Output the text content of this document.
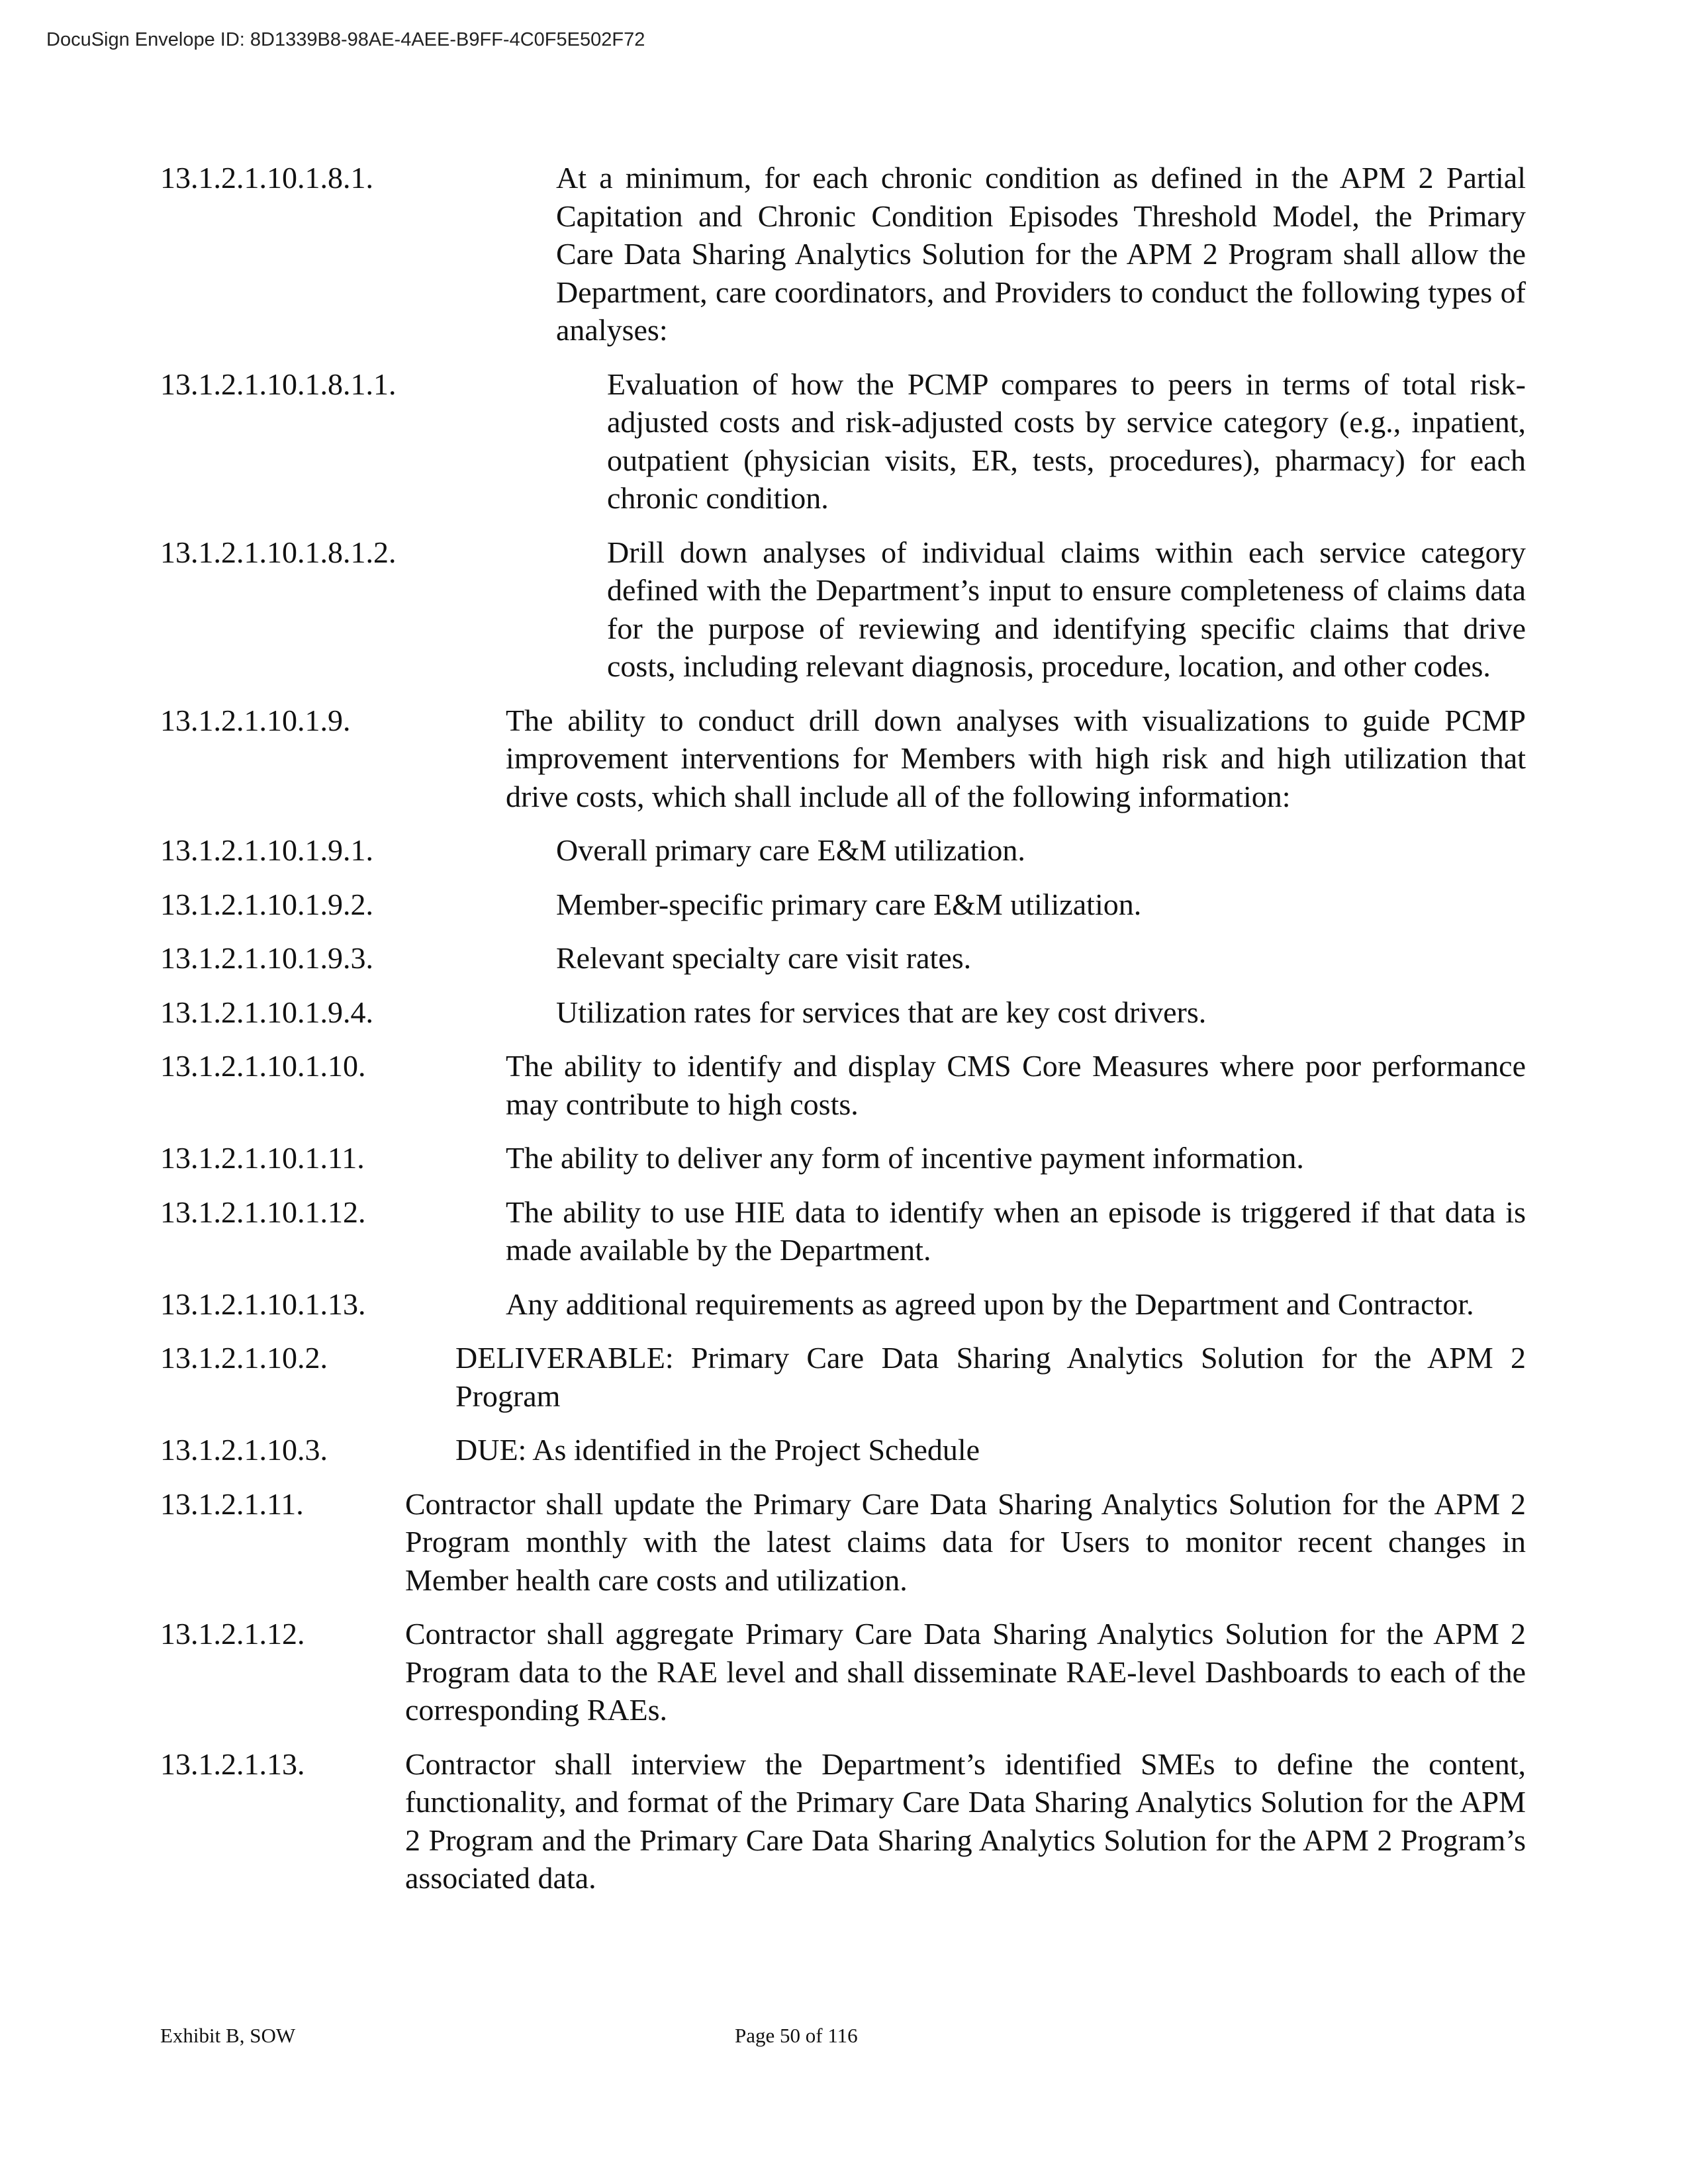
DocuSign Envelope ID: 8D1339B8-98AE-4AEE-B9FF-4C0F5E502F72
13.1.2.1.10.1.8.1.	At a minimum, for each chronic condition as defined in the APM 2 Partial Capitation and Chronic Condition Episodes Threshold Model, the Primary Care Data Sharing Analytics Solution for the APM 2 Program shall allow the Department, care coordinators, and Providers to conduct the following types of analyses:
13.1.2.1.10.1.8.1.1.	Evaluation of how the PCMP compares to peers in terms of total risk-adjusted costs and risk-adjusted costs by service category (e.g., inpatient, outpatient (physician visits, ER, tests, procedures), pharmacy) for each chronic condition.
13.1.2.1.10.1.8.1.2.	Drill down analyses of individual claims within each service category defined with the Department’s input to ensure completeness of claims data for the purpose of reviewing and identifying specific claims that drive costs, including relevant diagnosis, procedure, location, and other codes.
13.1.2.1.10.1.9.	The ability to conduct drill down analyses with visualizations to guide PCMP improvement interventions for Members with high risk and high utilization that drive costs, which shall include all of the following information:
13.1.2.1.10.1.9.1.	Overall primary care E&M utilization.
13.1.2.1.10.1.9.2.	Member-specific primary care E&M utilization.
13.1.2.1.10.1.9.3.	Relevant specialty care visit rates.
13.1.2.1.10.1.9.4.	Utilization rates for services that are key cost drivers.
13.1.2.1.10.1.10.	The ability to identify and display CMS Core Measures where poor performance may contribute to high costs.
13.1.2.1.10.1.11.	The ability to deliver any form of incentive payment information.
13.1.2.1.10.1.12.	The ability to use HIE data to identify when an episode is triggered if that data is made available by the Department.
13.1.2.1.10.1.13.	Any additional requirements as agreed upon by the Department and Contractor.
13.1.2.1.10.2.	DELIVERABLE: Primary Care Data Sharing Analytics Solution for the APM 2 Program
13.1.2.1.10.3.	DUE: As identified in the Project Schedule
13.1.2.1.11.	Contractor shall update the Primary Care Data Sharing Analytics Solution for the APM 2 Program monthly with the latest claims data for Users to monitor recent changes in Member health care costs and utilization.
13.1.2.1.12.	Contractor shall aggregate Primary Care Data Sharing Analytics Solution for the APM 2 Program data to the RAE level and shall disseminate RAE-level Dashboards to each of the corresponding RAEs.
13.1.2.1.13.	Contractor shall interview the Department’s identified SMEs to define the content, functionality, and format of the Primary Care Data Sharing Analytics Solution for the APM 2 Program and the Primary Care Data Sharing Analytics Solution for the APM 2 Program’s associated data.
Exhibit B, SOW	Page 50 of 116
